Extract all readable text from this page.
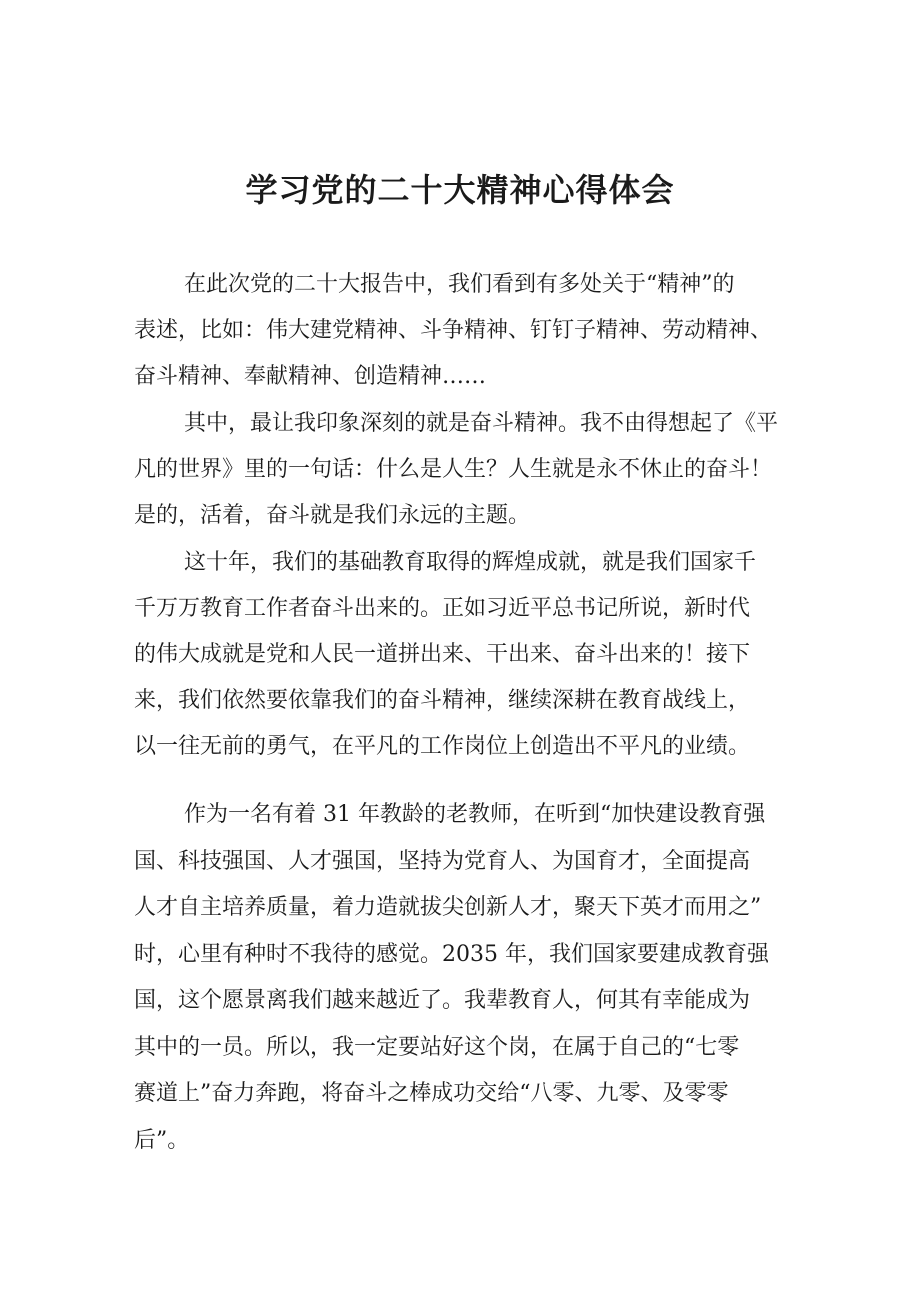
学习党的二十大精神心得体会
在此次党的二十大报告中，我们看到有多处关于“精神”的
表述，比如：伟大建党精神、斗争精神、钉钉子精神、劳动精神、
奋斗精神、奉献精神、创造精神……
其中，最让我印象深刻的就是奋斗精神。我不由得想起了《平
凡的世界》里的一句话：什么是人生？人生就是永不休止的奋斗！
是的，活着，奋斗就是我们永远的主题。
这十年，我们的基础教育取得的辉煌成就，就是我们国家千
千万万教育工作者奋斗出来的。正如习近平总书记所说，新时代
的伟大成就是党和人民一道拼出来、干出来、奋斗出来的！接下
来，我们依然要依靠我们的奋斗精神，继续深耕在教育战线上，
以一往无前的勇气，在平凡的工作岗位上创造出不平凡的业绩。
作为一名有着 31 年教龄的老教师，在听到“加快建设教育强
国、科技强国、人才强国，坚持为党育人、为国育才，全面提高
人才自主培养质量，着力造就拔尖创新人才，聚天下英才而用之”
时，心里有种时不我待的感觉。2035 年，我们国家要建成教育强
国，这个愿景离我们越来越近了。我辈教育人，何其有幸能成为
其中的一员。所以，我一定要站好这个岗，在属于自己的“七零
赛道上”奋力奔跑，将奋斗之棒成功交给“八零、九零、及零零
后”。
